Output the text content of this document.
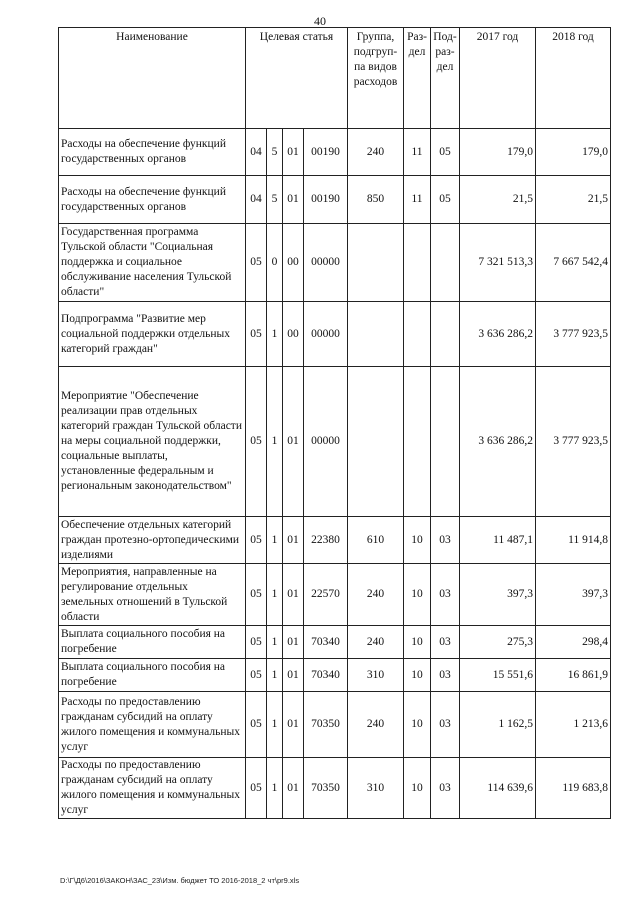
40
Наименование	Целевая статья				Группа, подгруп-па видов расходов	Раз-дел	Под-раз-дел	2017 год	2018 год
Расходы на обеспечение функций государственных органов	04	5	01	00190	240	11	05	179,0	179,0
Расходы на обеспечение функций государственных органов	04	5	01	00190	850	11	05	21,5	21,5
Государственная программа Тульской области "Социальная поддержка и социальное обслуживание населения Тульской области"	05	0	00	00000				7 321 513,3	7 667 542,4
Подпрограмма "Развитие мер социальной поддержки отдельных категорий граждан"	05	1	00	00000				3 636 286,2	3 777 923,5
Мероприятие "Обеспечение реализации прав отдельных категорий граждан Тульской области на меры социальной поддержки, социальные выплаты, установленные федеральным и региональным законодательством"	05	1	01	00000				3 636 286,2	3 777 923,5
Обеспечение отдельных категорий граждан протезно-ортопедическими изделиями	05	1	01	22380	610	10	03	11 487,1	11 914,8
Мероприятия, направленные на регулирование отдельных земельных отношений в Тульской области	05	1	01	22570	240	10	03	397,3	397,3
Выплата социального пособия на погребение	05	1	01	70340	240	10	03	275,3	298,4
Выплата социального пособия на погребение	05	1	01	70340	310	10	03	15 551,6	16 861,9
Расходы по предоставлению гражданам субсидий на оплату жилого помещения и коммунальных услуг	05	1	01	70350	240	10	03	1 162,5	1 213,6
Расходы по предоставлению гражданам субсидий на оплату жилого помещения и коммунальных услуг	05	1	01	70350	310	10	03	114 639,6	119 683,8
D:\Г\Д6\2016\ЗАКОН\ЗАС_23\Изм. бюджет ТО 2016-2018_2 чт\pr9.xls
